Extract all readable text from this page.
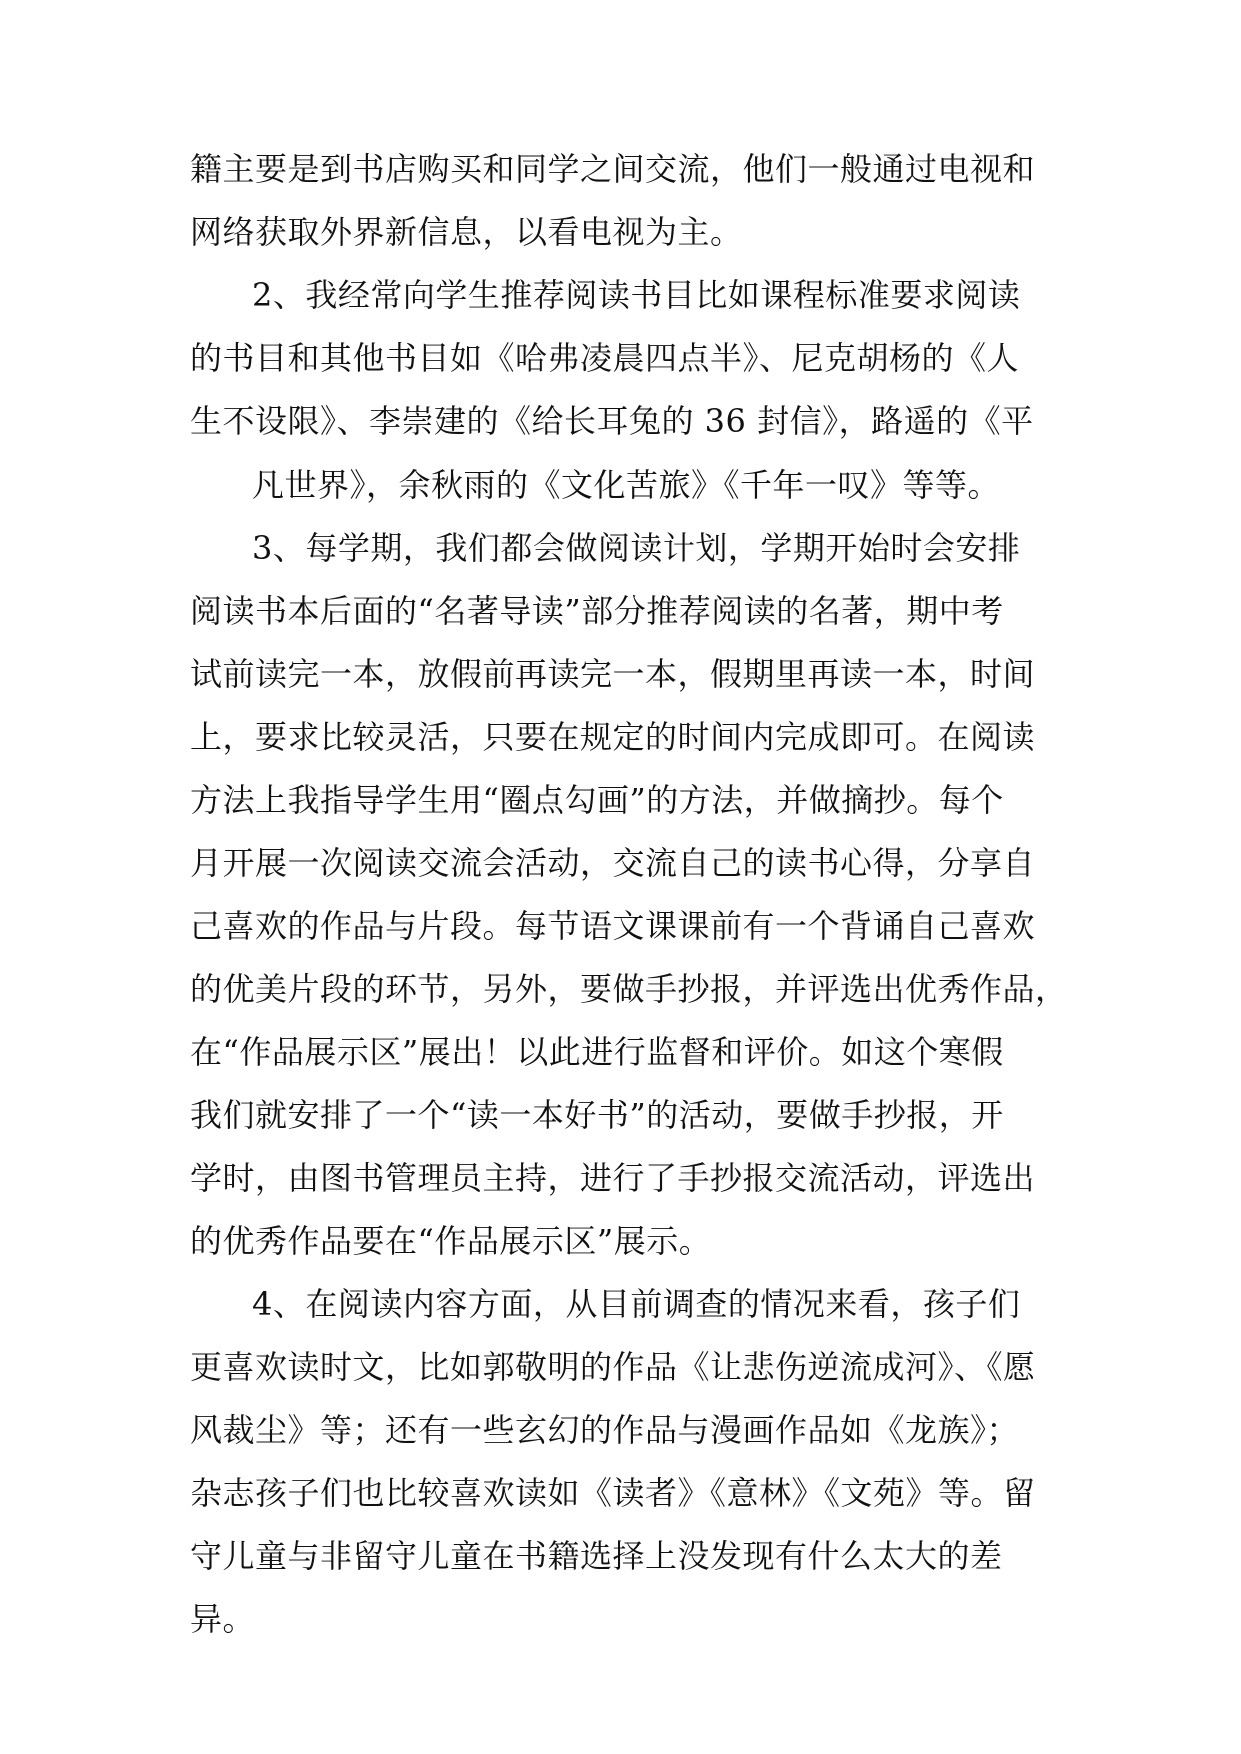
籍主要是到书店购买和同学之间交流，他们一般通过电视和
网络获取外界新信息，以看电视为主。
2、我经常向学生推荐阅读书目比如课程标准要求阅读
的书目和其他书目如《哈弗凌晨四点半》、尼克胡杨的《人
生不设限》、李崇建的《给长耳兔的 36 封信》，路遥的《平
凡世界》，余秋雨的《文化苦旅》《千年一叹》等等。
3、每学期，我们都会做阅读计划，学期开始时会安排
阅读书本后面的“名著导读”部分推荐阅读的名著，期中考
试前读完一本，放假前再读完一本，假期里再读一本，时间
上，要求比较灵活，只要在规定的时间内完成即可。在阅读
方法上我指导学生用“圈点勾画”的方法，并做摘抄。每个
月开展一次阅读交流会活动，交流自己的读书心得，分享自
己喜欢的作品与片段。每节语文课课前有一个背诵自己喜欢
的优美片段的环节，另外，要做手抄报，并评选出优秀作品，
在“作品展示区”展出！以此进行监督和评价。如这个寒假
我们就安排了一个“读一本好书”的活动，要做手抄报，开
学时，由图书管理员主持，进行了手抄报交流活动，评选出
的优秀作品要在“作品展示区”展示。
4、在阅读内容方面，从目前调查的情况来看，孩子们
更喜欢读时文，比如郭敬明的作品《让悲伤逆流成河》、《愿
风裁尘》等；还有一些玄幻的作品与漫画作品如《龙族》；
杂志孩子们也比较喜欢读如《读者》《意林》《文苑》等。留
守儿童与非留守儿童在书籍选择上没发现有什么太大的差
异。
